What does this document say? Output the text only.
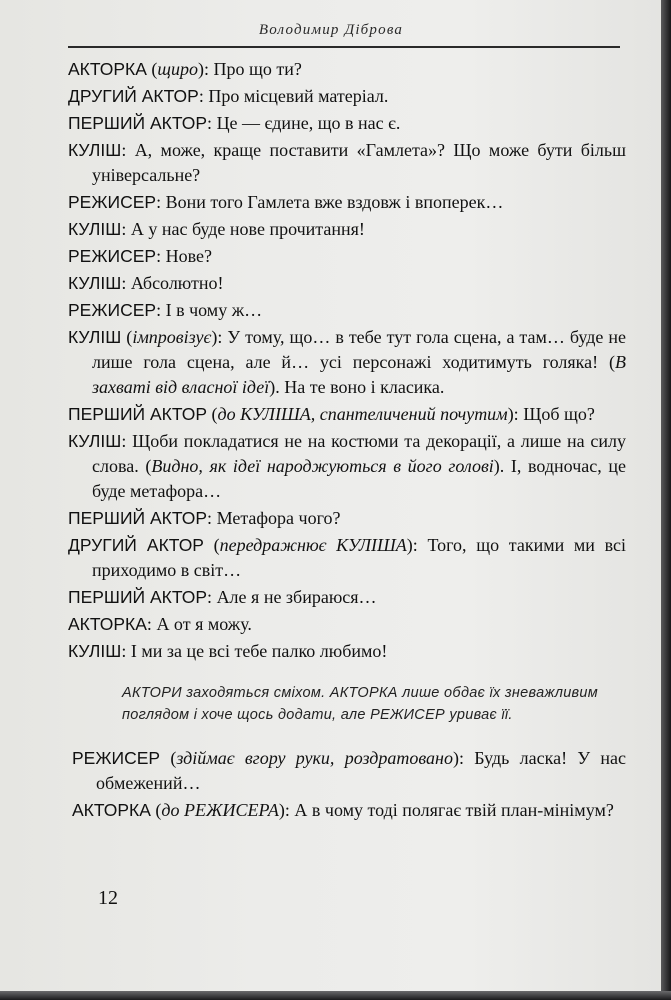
Володимир Діброва

АКТОРКА (щиро): Про що ти?

ДРУГИЙ АКТОР: Про місцевий матеріал.

ПЕРШИЙ АКТОР: Це — єдине, що в нас є.

КУЛІШ: А, може, краще поставити «Гамлета»? Що може бути більш універсальне?

РЕЖИСЕР: Вони того Гамлета вже вздовж і впоперек…

КУЛІШ: А у нас буде нове прочитання!

РЕЖИСЕР: Нове?

КУЛІШ: Абсолютно!

РЕЖИСЕР: І в чому ж…

КУЛІШ (імпровізує): У тому, що… в тебе тут гола сцена, а там… буде не лише гола сцена, але й… усі персонажі ходитимуть голяка! (В захваті від власної ідеї). На те воно і класика.

ПЕРШИЙ АКТОР (до КУЛІША, спантеличений почутим): Щоб що?

КУЛІШ: Щоби покладатися не на костюми та декорації, а лише на силу слова. (Видно, як ідеї народжуються в його голові). І, водночас, це буде метафора…

ПЕРШИЙ АКТОР: Метафора чого?

ДРУГИЙ АКТОР (передражнює КУЛІША): Того, що такими ми всі приходимо в світ…

ПЕРШИЙ АКТОР: Але я не збираюся…

АКТОРКА: А от я можу.

КУЛІШ: І ми за це всі тебе палко любимо!

АКТОРИ заходяться сміхом. АКТОРКА лише обдає їх зневажливим поглядом і хоче щось додати, але РЕЖИСЕР уриває її.

РЕЖИСЕР (здіймає вгору руки, роздратовано): Будь ласка! У нас обмежений…

АКТОРКА (до РЕЖИСЕРА): А в чому тоді полягає твій план-мінімум?

12
